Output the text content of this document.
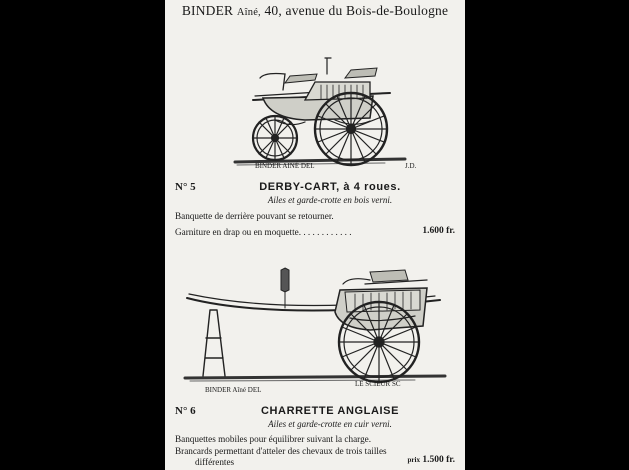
BINDER Aîné, 40, avenue du Bois-de-Boulogne
BINDER AINÉ DEL	J.D.
N° 5	DERBY-CART, à 4 roues.
Ailes et garde-crotte en bois verni.
Banquette de derrière pouvant se retourner.
Garniture en drap ou en moquette. . . . . . . . . . . .	1.600 fr.
BINDER Aîné DEL
LE SCIEUR SC
N° 6	CHARRETTE ANGLAISE
Ailes et garde-crotte en cuir verni.
Banquettes mobiles pour équilibrer suivant la charge.
Brancards permettant d'atteler des chevaux de trois tailles
différentes	prix 1.500 fr.
